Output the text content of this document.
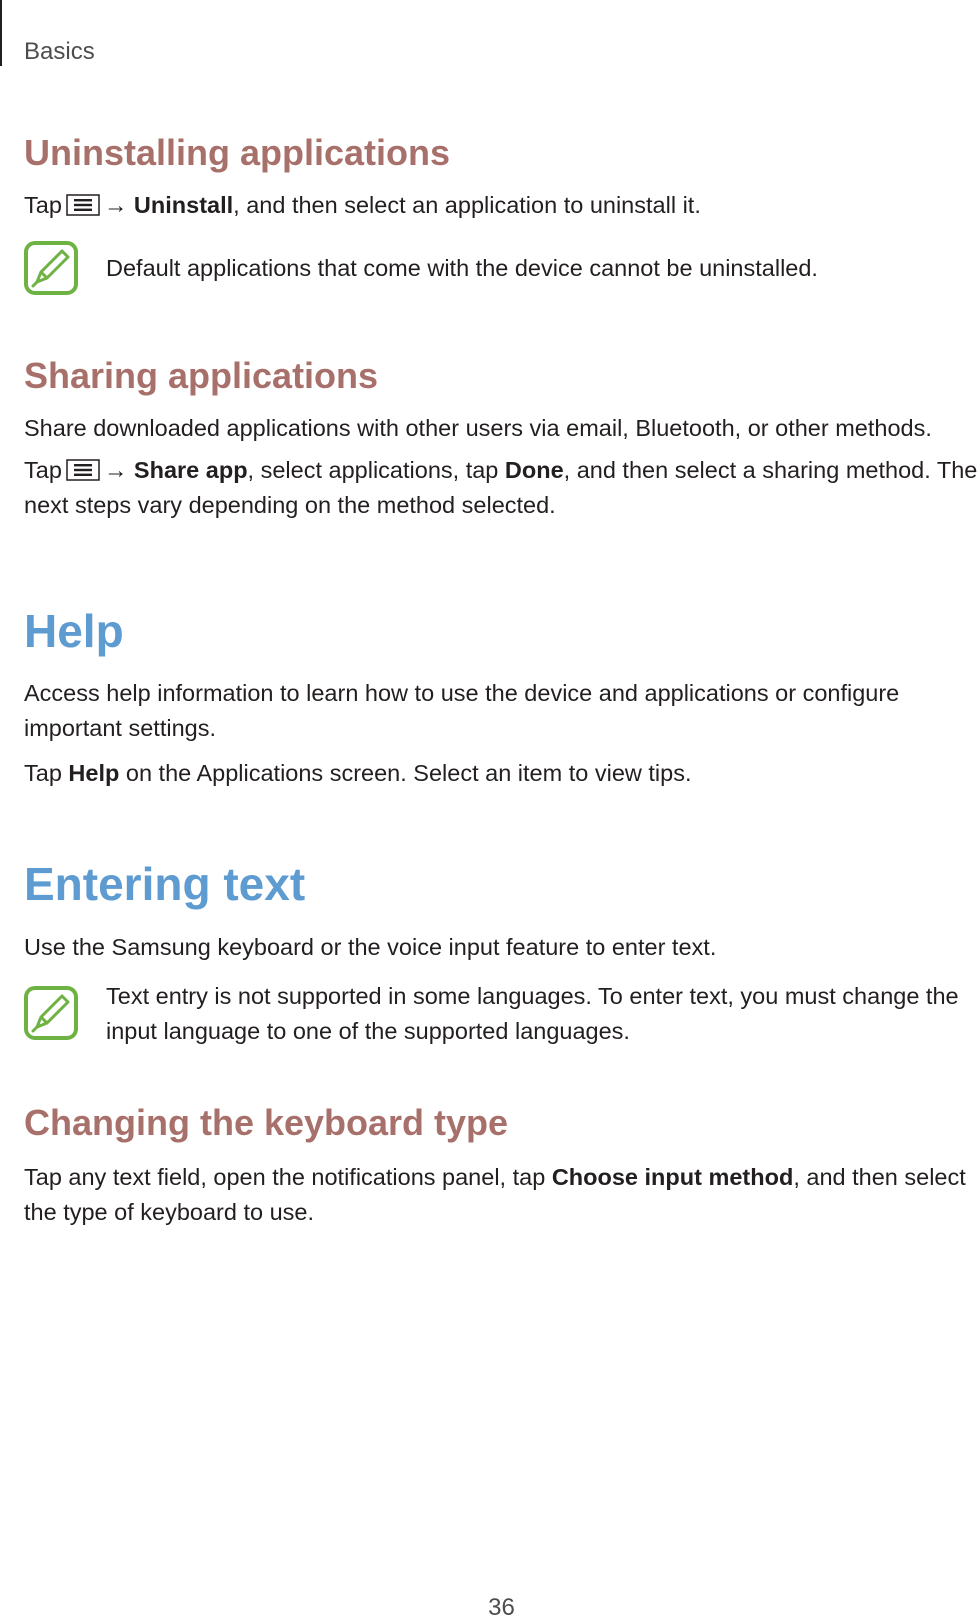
Basics
Uninstalling applications

Tap → Uninstall, and then select an application to uninstall it.

Default applications that come with the device cannot be uninstalled.

Sharing applications

Share downloaded applications with other users via email, Bluetooth, or other methods.

Tap → Share app, select applications, tap Done, and then select a sharing method. The

next steps vary depending on the method selected.

Help

Access help information to learn how to use the device and applications or configure

important settings.

Tap Help on the Applications screen. Select an item to view tips.

Entering text

Use the Samsung keyboard or the voice input feature to enter text.

Text entry is not supported in some languages. To enter text, you must change the

input language to one of the supported languages.

Changing the keyboard type

Tap any text field, open the notifications panel, tap Choose input method, and then select

the type of keyboard to use.

36
